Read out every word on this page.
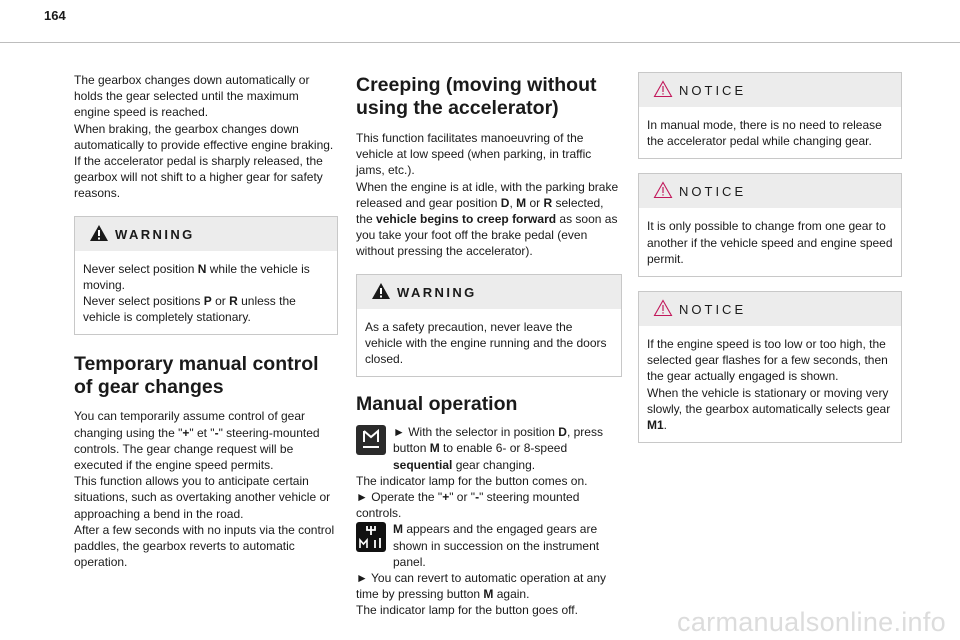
164

The gearbox changes down automatically or holds the gear selected until the maximum engine speed is reached.

When braking, the gearbox changes down automatically to provide effective engine braking.

If the accelerator pedal is sharply released, the gearbox will not shift to a higher gear for safety reasons.

WARNING

Never select position N while the vehicle is moving.

Never select positions P or R unless the vehicle is completely stationary.

Temporary manual control of gear changes

You can temporarily assume control of gear changing using the "+" et "-" steering-mounted controls. The gear change request will be executed if the engine speed permits.

This function allows you to anticipate certain situations, such as overtaking another vehicle or approaching a bend in the road.

After a few seconds with no inputs via the control paddles, the gearbox reverts to automatic operation.

Creeping (moving without using the accelerator)

This function facilitates manoeuvring of the vehicle at low speed (when parking, in traffic jams, etc.).

When the engine is at idle, with the parking brake released and gear position D, M or R selected, the vehicle begins to creep forward as soon as you take your foot off the brake pedal (even without pressing the accelerator).

WARNING

As a safety precaution, never leave the vehicle with the engine running and the doors closed.

Manual operation

► With the selector in position D, press button M to enable 6- or 8-speed sequential gear changing.

The indicator lamp for the button comes on.

► Operate the "+" or "-" steering mounted controls.

M appears and the engaged gears are shown in succession on the instrument panel.

► You can revert to automatic operation at any time by pressing button M again.

The indicator lamp for the button goes off.

NOTICE

In manual mode, there is no need to release the accelerator pedal while changing gear.

NOTICE

It is only possible to change from one gear to another if the vehicle speed and engine speed permit.

NOTICE

If the engine speed is too low or too high, the selected gear flashes for a few seconds, then the gear actually engaged is shown.

When the vehicle is stationary or moving very slowly, the gearbox automatically selects gear M1.

carmanualsonline.info
